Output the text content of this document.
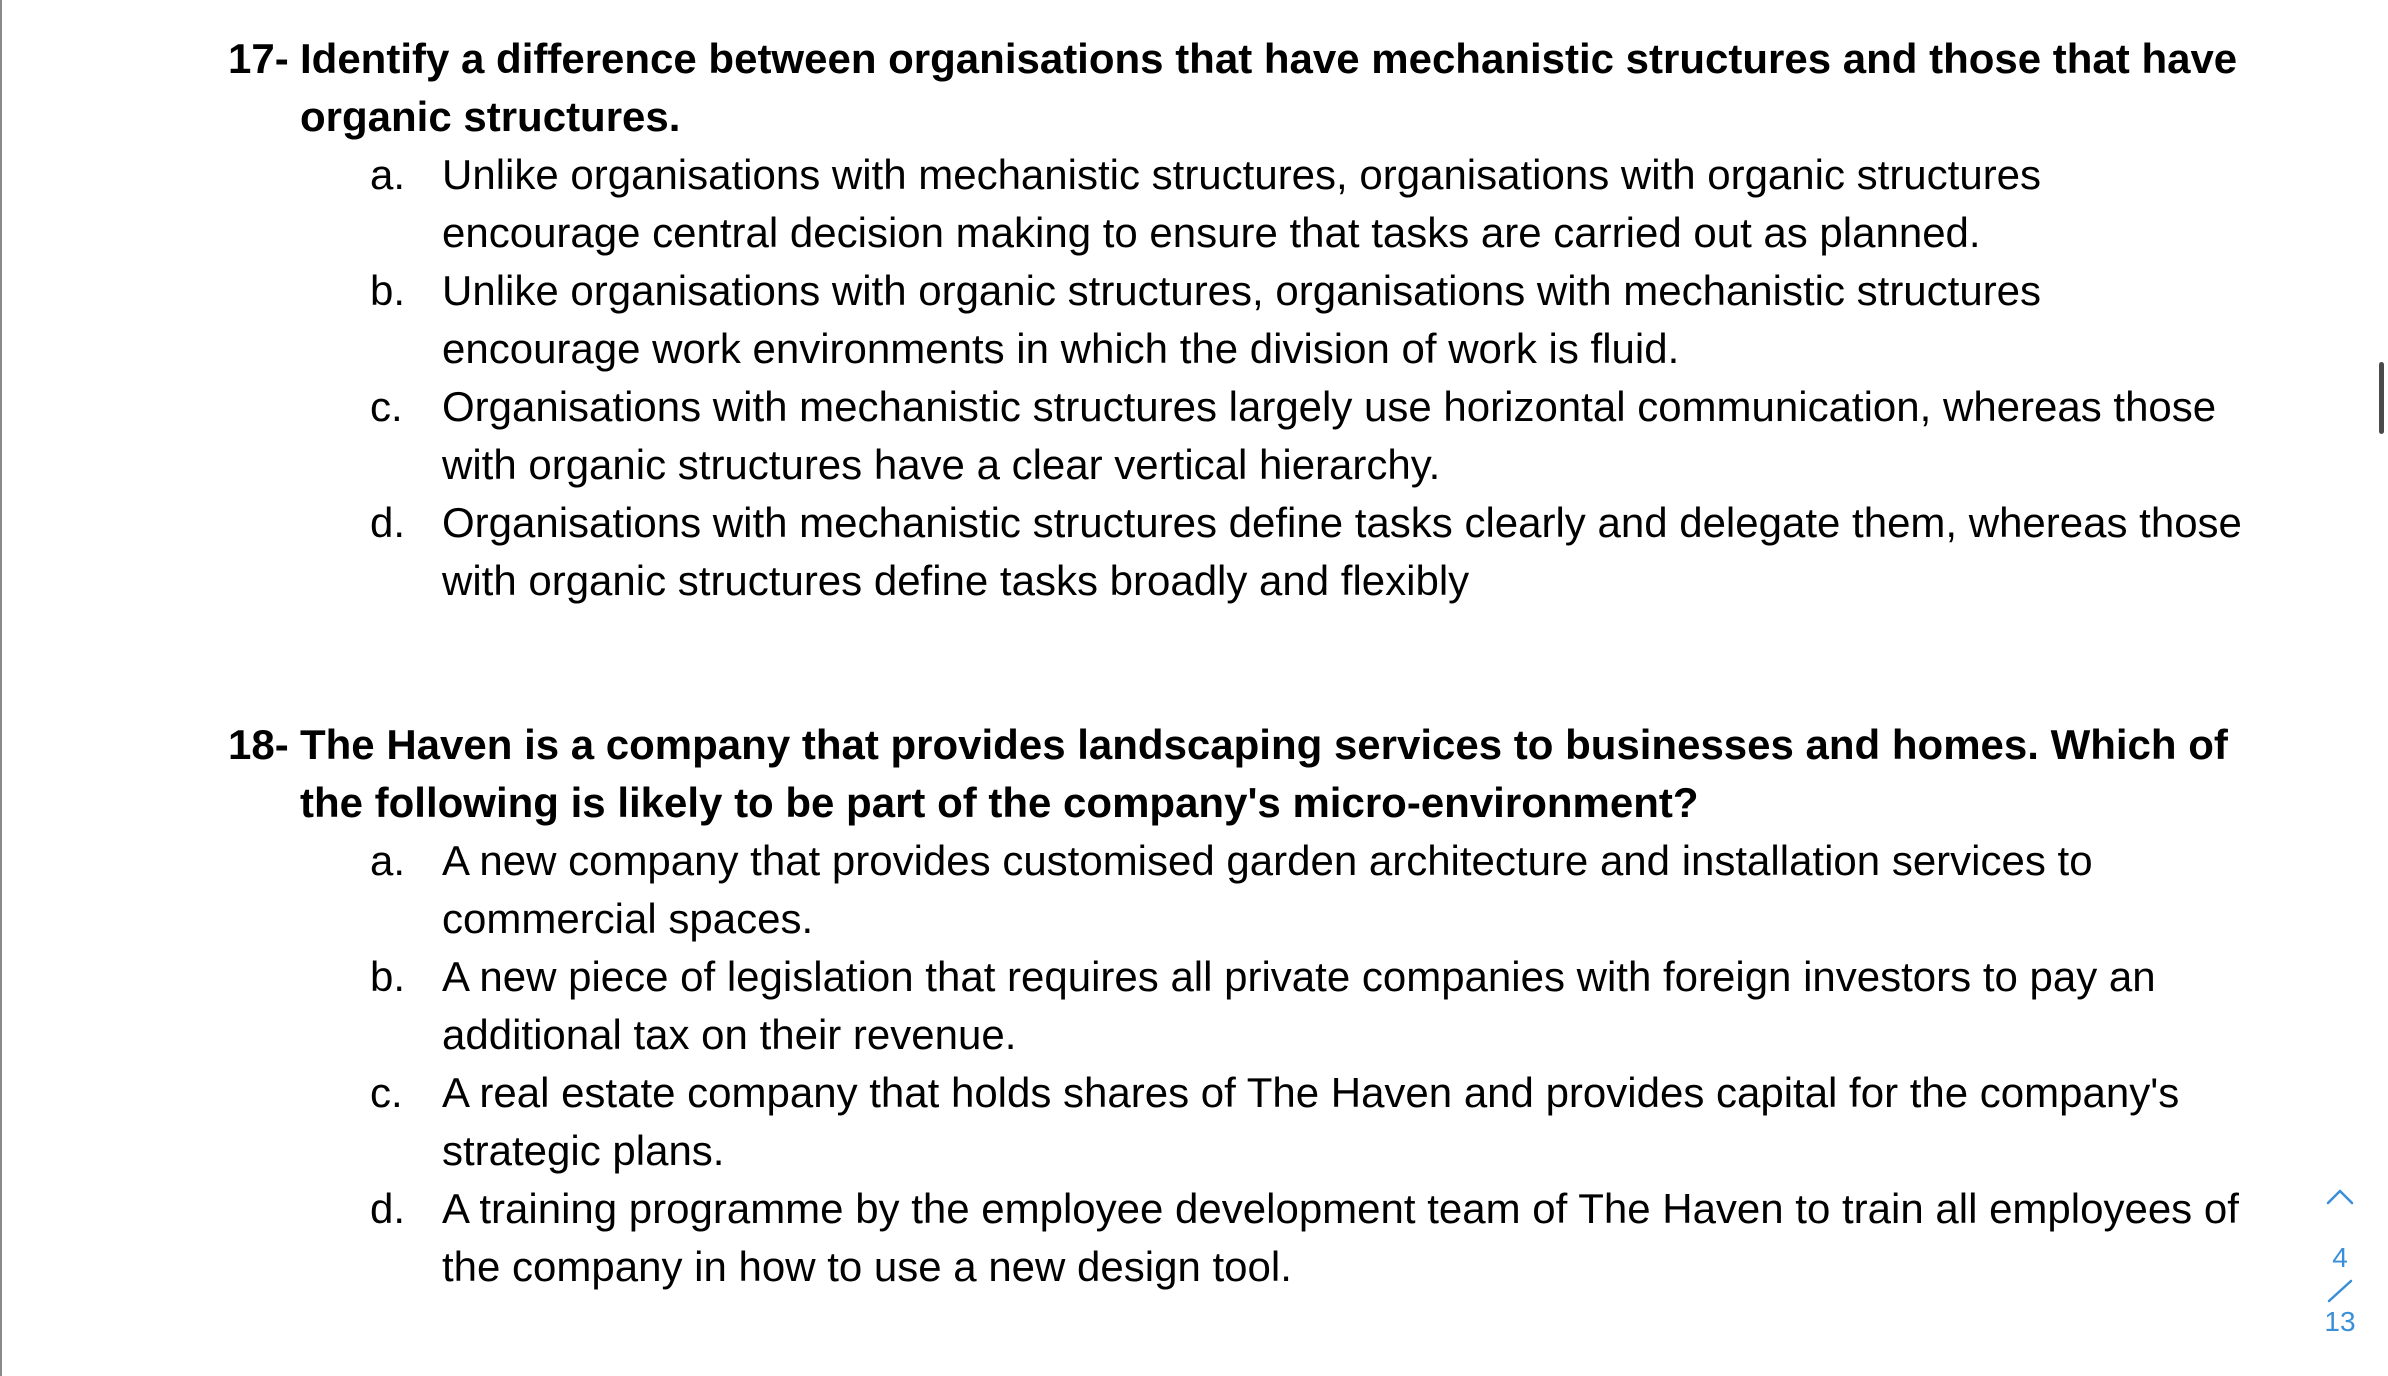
17- Identify a difference between organisations that have mechanistic structures and those that have organic structures.
a. Unlike organisations with mechanistic structures, organisations with organic structures encourage central decision making to ensure that tasks are carried out as planned.
b. Unlike organisations with organic structures, organisations with mechanistic structures encourage work environments in which the division of work is fluid.
c. Organisations with mechanistic structures largely use horizontal communication, whereas those with organic structures have a clear vertical hierarchy.
d. Organisations with mechanistic structures define tasks clearly and delegate them, whereas those with organic structures define tasks broadly and flexibly
18- The Haven is a company that provides landscaping services to businesses and homes. Which of the following is likely to be part of the company's micro-environment?
a. A new company that provides customised garden architecture and installation services to commercial spaces.
b. A new piece of legislation that requires all private companies with foreign investors to pay an additional tax on their revenue.
c. A real estate company that holds shares of The Haven and provides capital for the company's strategic plans.
d. A training programme by the employee development team of The Haven to train all employees of the company in how to use a new design tool.	4
13
